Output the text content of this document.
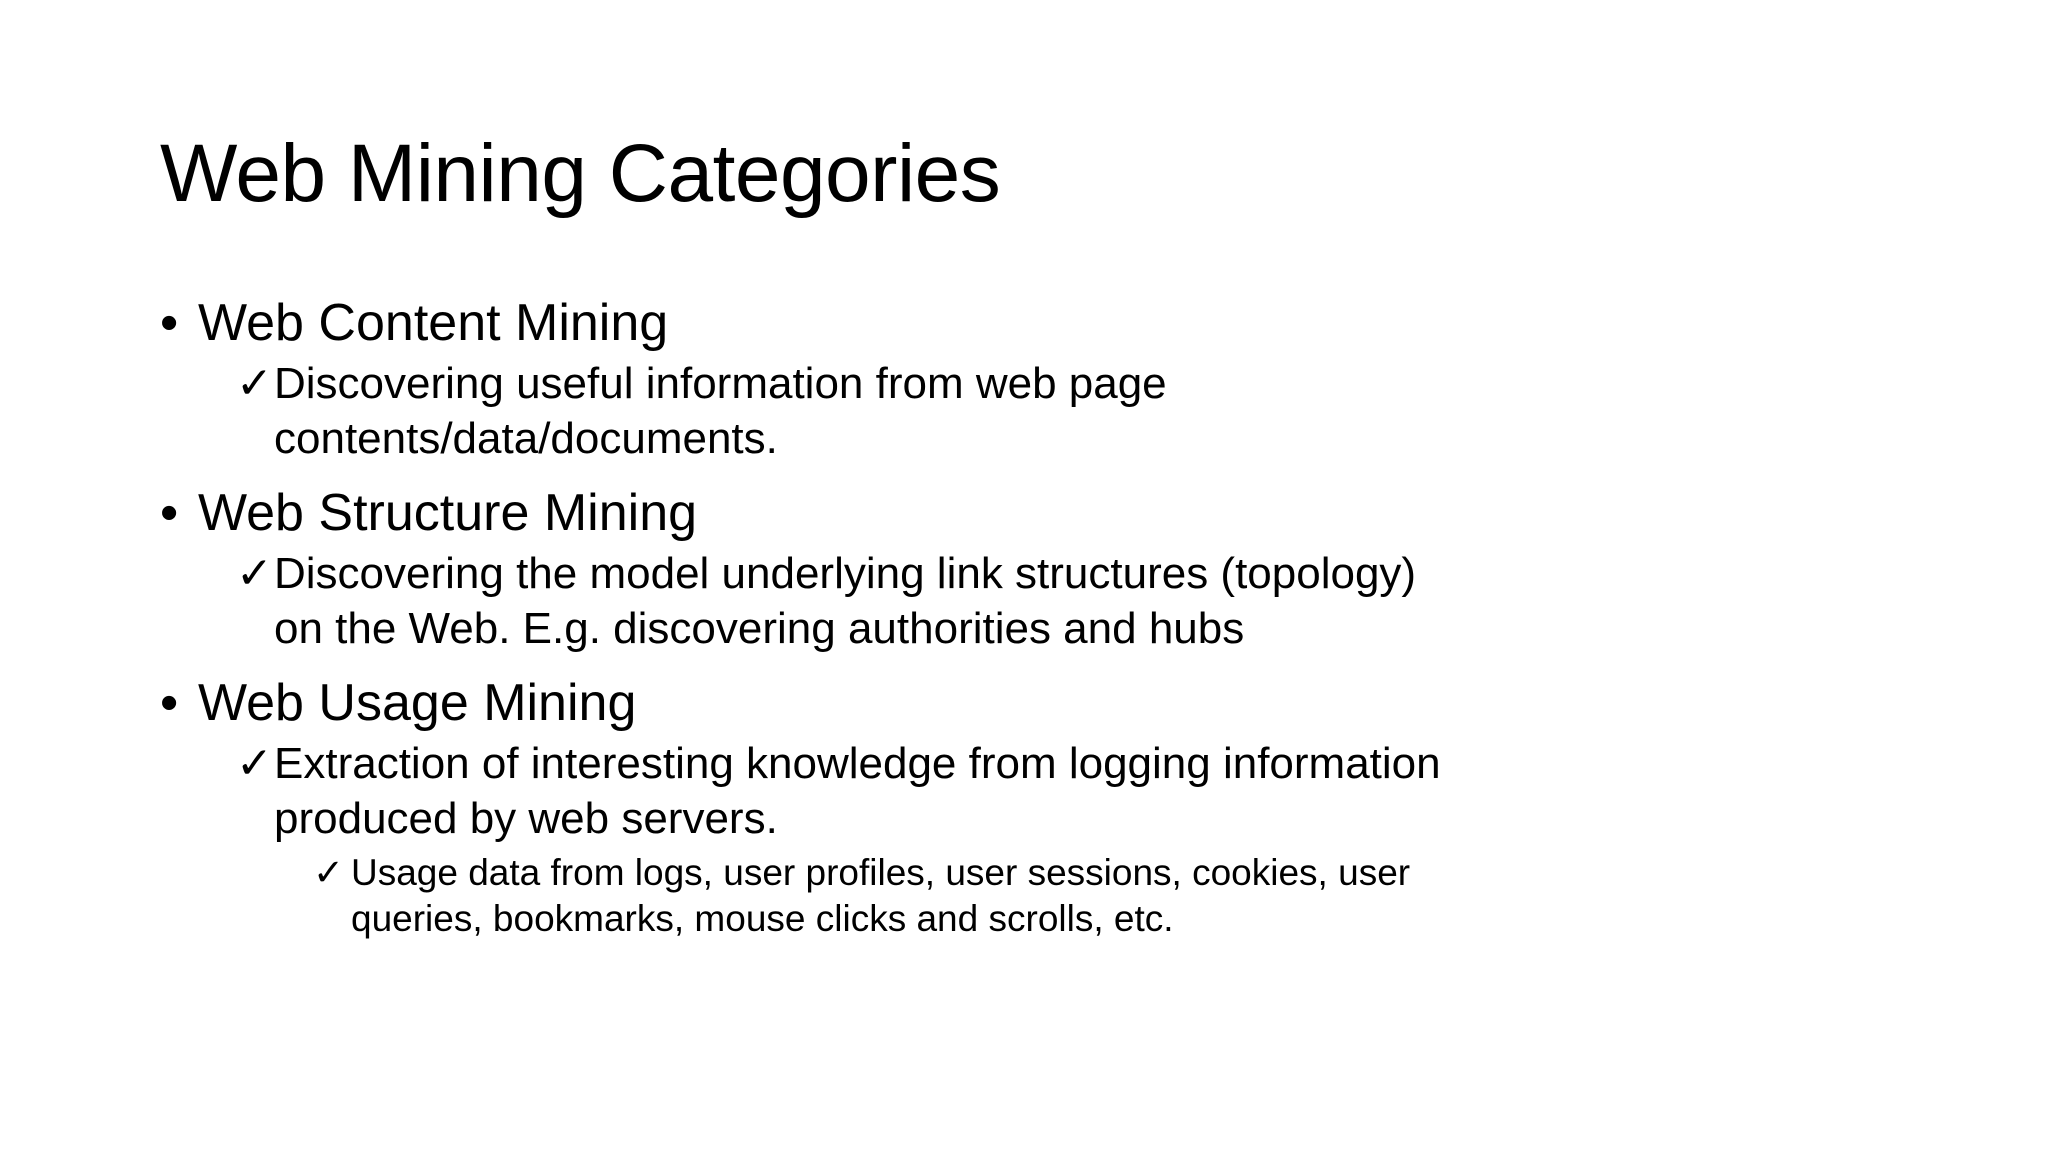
Web Mining Categories
• Web Content Mining
✓ Discovering useful information from web page
contents/data/documents.
• Web Structure Mining
✓ Discovering the model underlying link structures (topology)
on the Web. E.g. discovering authorities and hubs
• Web Usage Mining
✓ Extraction of interesting knowledge from logging information
produced by web servers.
✓ Usage data from logs, user profiles, user sessions, cookies, user
queries, bookmarks, mouse clicks and scrolls, etc.
